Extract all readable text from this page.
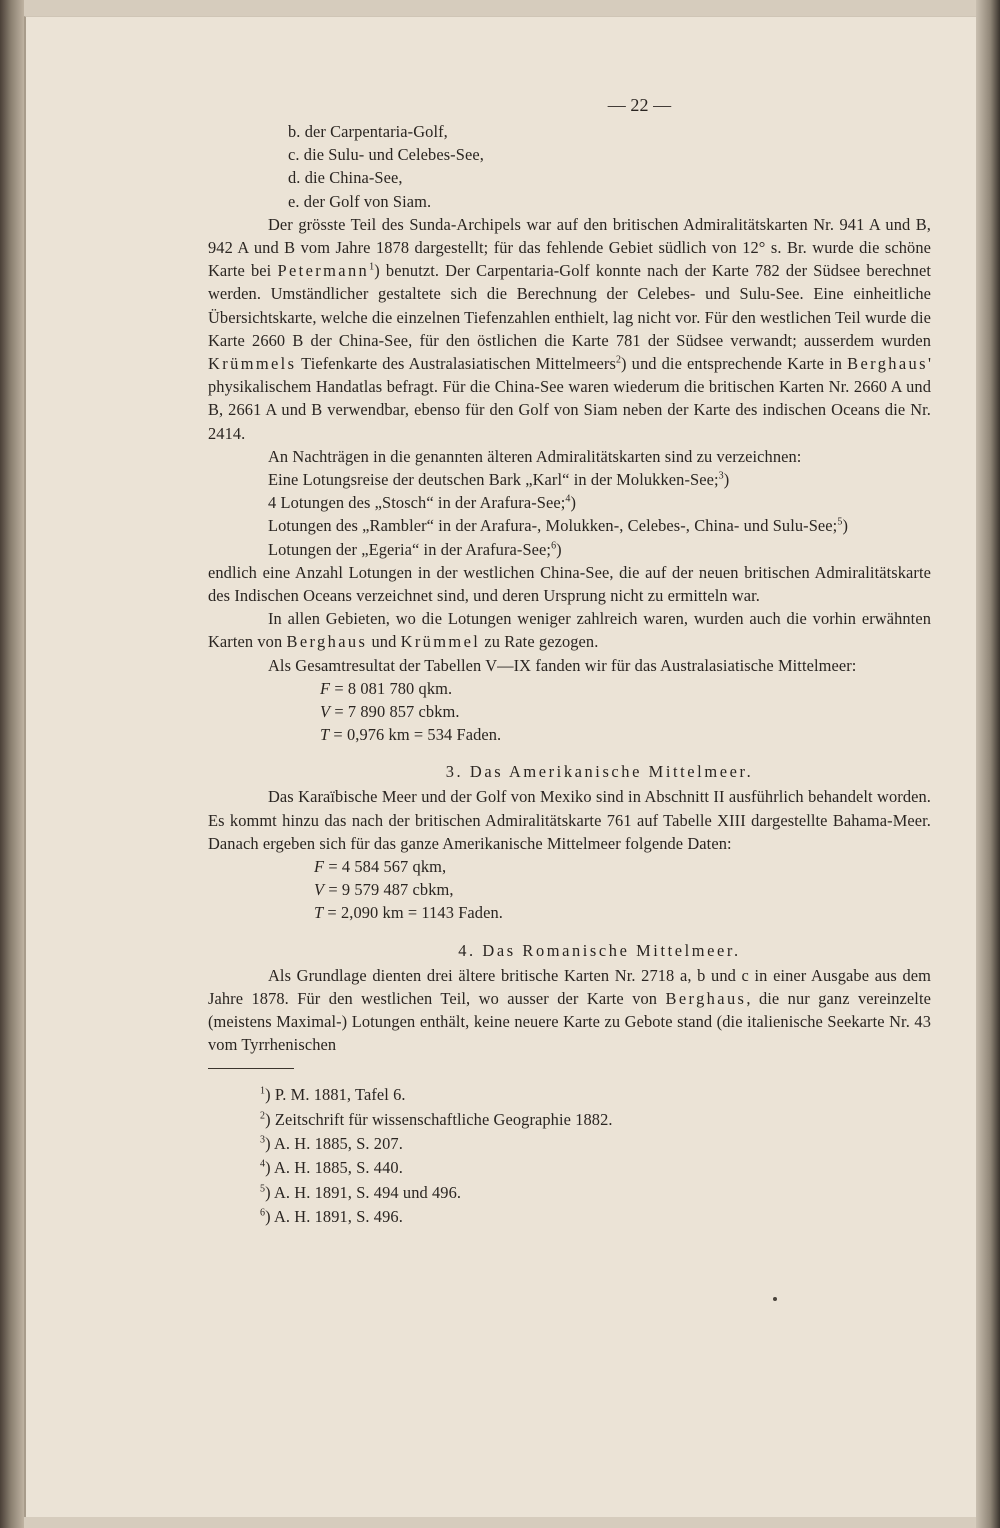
— 22 —
b. der Carpentaria-Golf,
c. die Sulu- und Celebes-See,
d. die China-See,
e. der Golf von Siam.

Der grösste Teil des Sunda-Archipels war auf den britischen Admiralitätskarten Nr. 941 A und B, 942 A und B vom Jahre 1878 dargestellt; für das fehlende Gebiet südlich von 12° s. Br. wurde die schöne Karte bei Petermann$^1$) benutzt. Der Carpentaria-Golf konnte nach der Karte 782 der Südsee berechnet werden. Umständlicher gestaltete sich die Berechnung der Celebes- und Sulu-See. Eine einheitliche Übersichtskarte, welche die einzelnen Tiefenzahlen enthielt, lag nicht vor. Für den westlichen Teil wurde die Karte 2660 B der China-See, für den östlichen die Karte 781 der Südsee verwandt; ausserdem wurden Krümmels Tiefenkarte des Australasiatischen Mittelmeers$^2$) und die entsprechende Karte in Berghaus' physikalischem Handatlas befragt. Für die China-See waren wiederum die britischen Karten Nr. 2660 A und B, 2661 A und B verwendbar, ebenso für den Golf von Siam neben der Karte des indischen Oceans die Nr. 2414.

An Nachträgen in die genannten älteren Admiralitätskarten sind zu verzeichnen:

Eine Lotungsreise der deutschen Bark „Karl“ in der Molukken-See;$^3$)

4 Lotungen des „Stosch“ in der Arafura-See;$^4$)

Lotungen des „Rambler“ in der Arafura-, Molukken-, Celebes-, China- und Sulu-See;$^5$)

Lotungen der „Egeria“ in der Arafura-See;$^6$)

endlich eine Anzahl Lotungen in der westlichen China-See, die auf der neuen britischen Admiralitätskarte des Indischen Oceans verzeichnet sind, und deren Ursprung nicht zu ermitteln war.

In allen Gebieten, wo die Lotungen weniger zahlreich waren, wurden auch die vorhin erwähnten Karten von Berghaus und Krümmel zu Rate gezogen.

Als Gesamtresultat der Tabellen V—IX fanden wir für das Australasiatische Mittelmeer:

F = 8 081 780 qkm.
V = 7 890 857 cbkm.
T = 0,976 km = 534 Faden.
3. Das Amerikanische Mittelmeer.

Das Karaïbische Meer und der Golf von Mexiko sind in Abschnitt II ausführlich behandelt worden. Es kommt hinzu das nach der britischen Admiralitätskarte 761 auf Tabelle XIII dargestellte Bahama-Meer. Danach ergeben sich für das ganze Amerikanische Mittelmeer folgende Daten:

F = 4 584 567 qkm,
V = 9 579 487 cbkm,
T = 2,090 km = 1143 Faden.
4. Das Romanische Mittelmeer.

Als Grundlage dienten drei ältere britische Karten Nr. 2718 a, b und c in einer Ausgabe aus dem Jahre 1878. Für den westlichen Teil, wo ausser der Karte von Berghaus, die nur ganz vereinzelte (meistens Maximal-) Lotungen enthält, keine neuere Karte zu Gebote stand (die italienische Seekarte Nr. 43 vom Tyrrhenischen

$^1$) P. M. 1881, Tafel 6.
$^2$) Zeitschrift für wissenschaftliche Geographie 1882.
$^3$) A. H. 1885, S. 207.
$^4$) A. H. 1885, S. 440.
$^5$) A. H. 1891, S. 494 und 496.
$^6$) A. H. 1891, S. 496.
